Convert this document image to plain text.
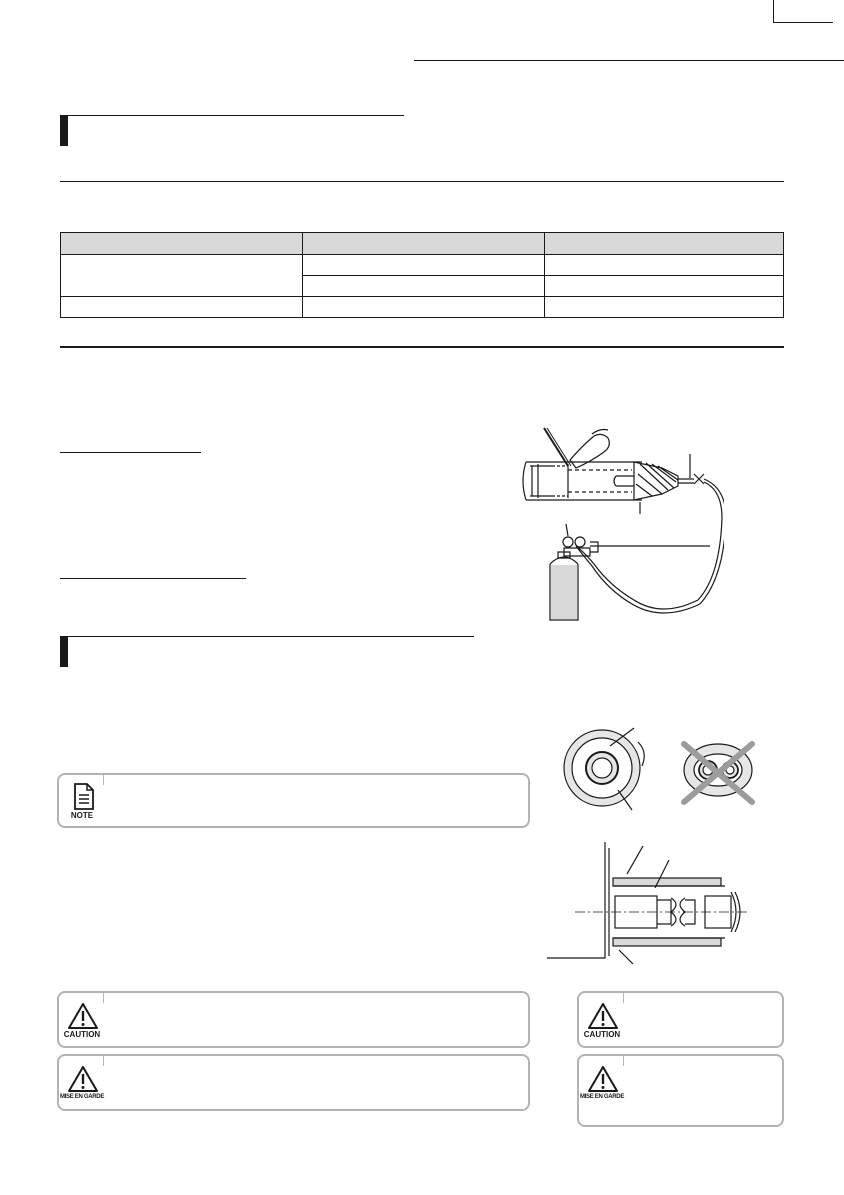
NOTE
CAUTION	CAUTION
MISE EN GARDE	MISE EN GARDE
